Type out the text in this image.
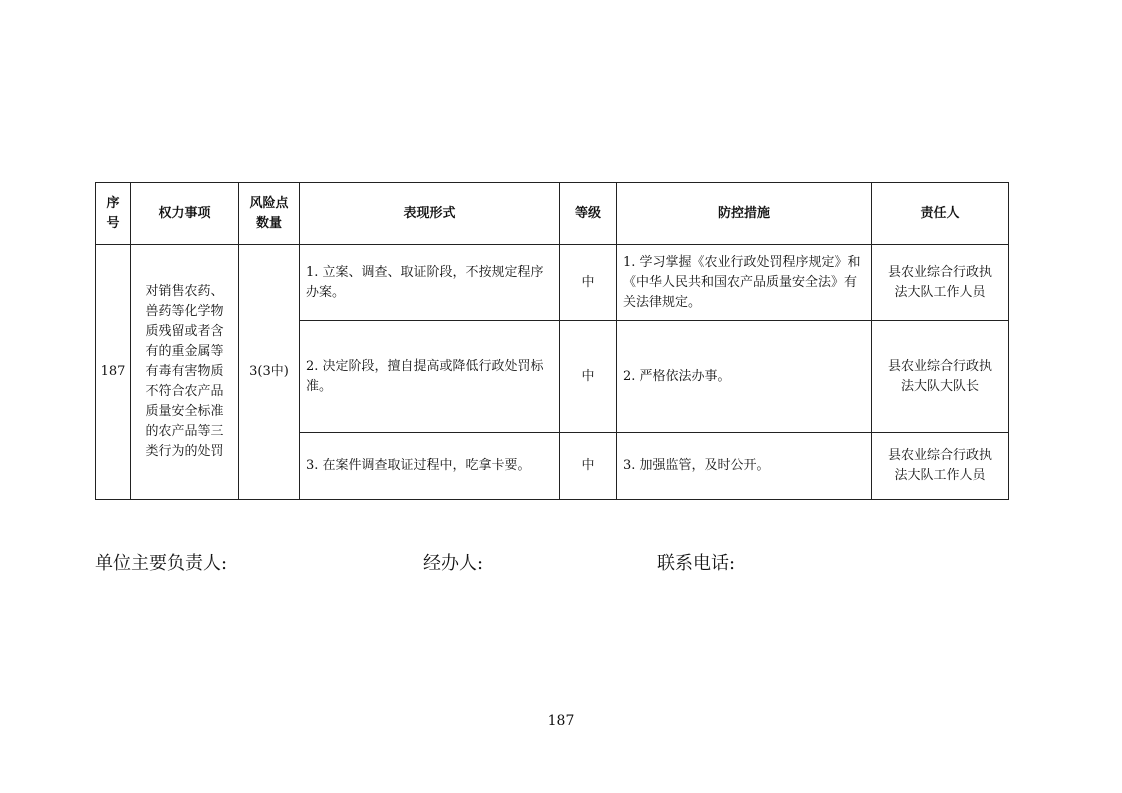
序号	权力事项	风险点数量	表现形式	等级	防控措施	责任人
187	对销售农药、兽药等化学物质残留或者含有的重金属等有毒有害物质不符合农产品质量安全标准的农产品等三类行为的处罚	3(3中)	1. 立案、调查、取证阶段，不按规定程序办案。	中	1. 学习掌握《农业行政处罚程序规定》和《中华人民共和国农产品质量安全法》有关法律规定。	县农业综合行政执法大队工作人员

			2. 决定阶段，擅自提高或降低行政处罚标准。	中	2. 严格依法办事。	县农业综合行政执法大队大队长

			3. 在案件调查取证过程中，吃拿卡要。	中	3. 加强监管，及时公开。	县农业综合行政执法大队工作人员
单位主要负责人:	经办人:	联系电话:
187
